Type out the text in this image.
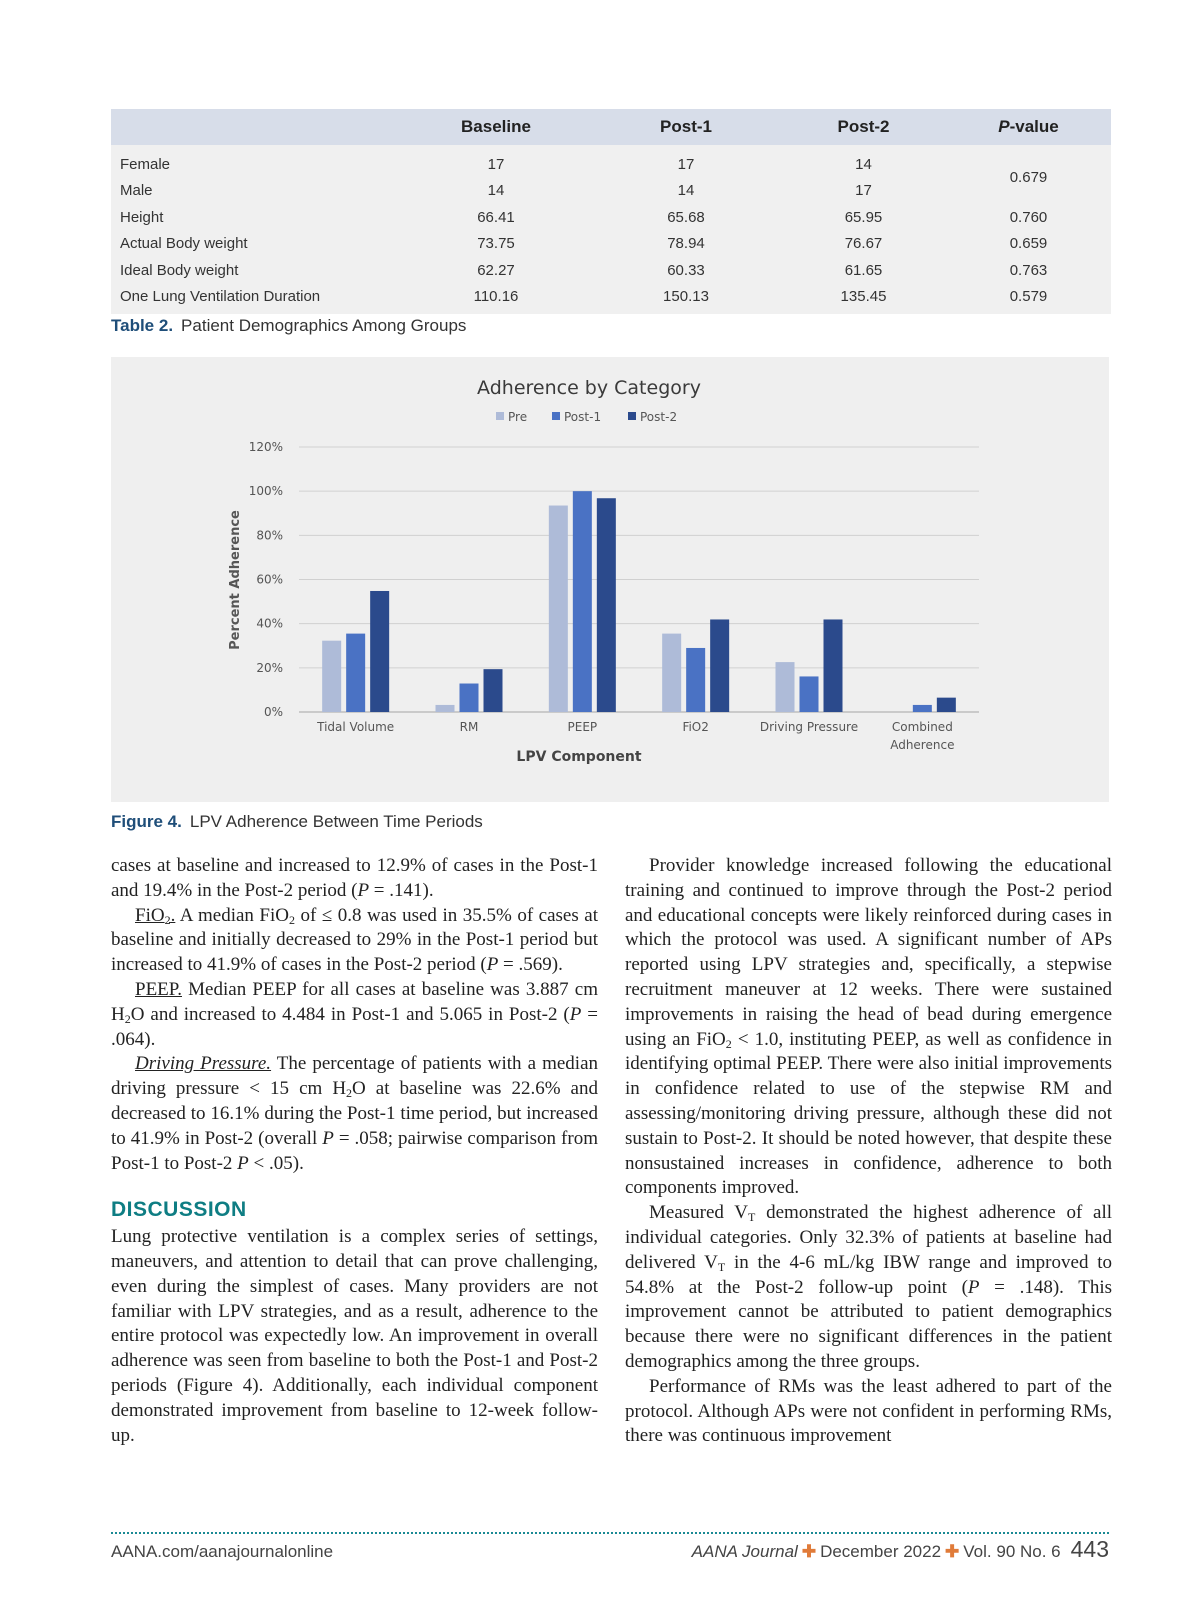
	Baseline	Post-1	Post-2	P-value
Female	17	17	14	0.679
Male	14	14	17	
Height	66.41	65.68	65.95	0.760
Actual Body weight	73.75	78.94	76.67	0.659
Ideal Body weight	62.27	60.33	61.65	0.763
One Lung Ventilation Duration	110.16	150.13	135.45	0.579
Table 2. Patient Demographics Among Groups
Adherence by Category
0%
20%
40%
60%
80%
100%
120%
Percent Adherence
LPV Component
Pre	Post-1	Post-2
Tidal Volume	RM	PEEP	FiO2	Driving Pressure	Combined
Adherence
Figure 4. LPV Adherence Between Time Periods

cases at baseline and increased to 12.9% of cases in the Post-1 and 19.4% in the Post-2 period (P = .141).

FiO$_2$. A median FiO$_2$ of ≤ 0.8 was used in 35.5% of cases at baseline and initially decreased to 29% in the Post-1 period but increased to 41.9% of cases in the Post-2 period (P = .569).

PEEP. Median PEEP for all cases at baseline was 3.887 cm $H_2O$ and increased to 4.484 in Post-1 and 5.065 in Post-2 (P = .064).

Driving Pressure. The percentage of patients with a median driving pressure < 15 cm $H_2O$ at baseline was 22.6% and decreased to 16.1% during the Post-1 time period, but increased to 41.9% in Post-2 (overall P = .058; pairwise comparison from Post-1 to Post-2 P < .05).

DISCUSSION

Lung protective ventilation is a complex series of settings, maneuvers, and attention to detail that can prove challenging, even during the simplest of cases. Many providers are not familiar with LPV strategies, and as a result, adherence to the entire protocol was expectedly low. An improvement in overall adherence was seen from baseline to both the Post-1 and Post-2 periods (Figure 4). Additionally, each individual component demonstrated improvement from baseline to 12-week follow-up.

Provider knowledge increased following the educational training and continued to improve through the Post-2 period and educational concepts were likely reinforced during cases in which the protocol was used. A significant number of APs reported using LPV strategies and, specifically, a stepwise recruitment maneuver at 12 weeks. There were sustained improvements in raising the head of bead during emergence using an FiO$_2$ < 1.0, instituting PEEP, as well as confidence in identifying optimal PEEP. There were also initial improvements in confidence related to use of the stepwise RM and assessing/monitoring driving pressure, although these did not sustain to Post-2. It should be noted however, that despite these nonsustained increases in confidence, adherence to both components improved.

Measured $V_T$ demonstrated the highest adherence of all individual categories. Only 32.3% of patients at baseline had delivered $V_T$ in the 4-6 mL/kg IBW range and improved to 54.8% at the Post-2 follow-up point (P = .148). This improvement cannot be attributed to patient demographics because there were no significant differences in the patient demographics among the three groups.

Performance of RMs was the least adhered to part of the protocol. Although APs were not confident in performing RMs, there was continuous improvement

AANA.com/aanajournalonline	AANA Journal ✚ December 2022 ✚ Vol. 90 No. 6 443
